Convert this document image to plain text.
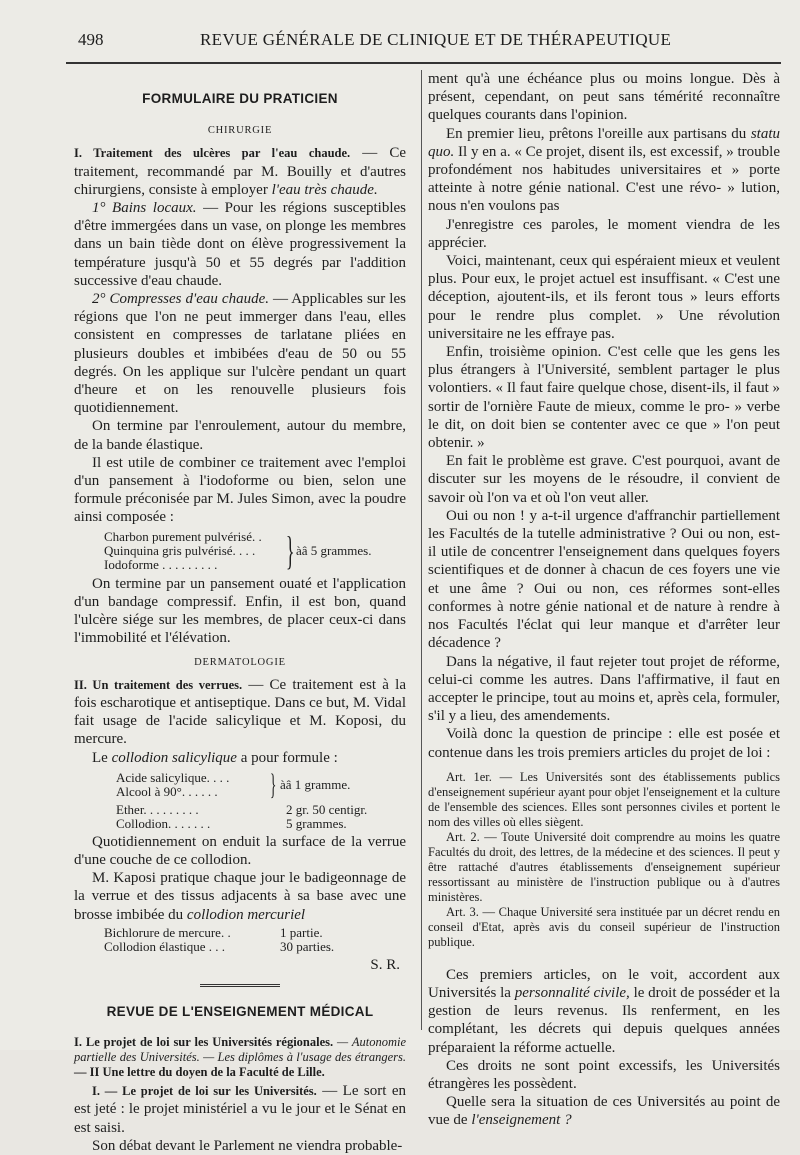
498	REVUE GÉNÉRALE DE CLINIQUE ET DE THÉRAPEUTIQUE
FORMULAIRE DU PRATICIEN
CHIRURGIE

I. Traitement des ulcères par l'eau chaude. — Ce traitement, recommandé par M. Bouilly et d'autres chirurgiens, consiste à employer l'eau très chaude.

1° Bains locaux. — Pour les régions susceptibles d'être immergées dans un vase, on plonge les membres dans un bain tiède dont on élève progressivement la température jusqu'à 50 et 55 degrés par l'addition successive d'eau chaude.

2° Compresses d'eau chaude. — Applicables sur les régions que l'on ne peut immerger dans l'eau, elles consistent en compresses de tarlatane pliées en plusieurs doubles et imbibées d'eau de 50 ou 55 degrés. On les applique sur l'ulcère pendant un quart d'heure et on les renouvelle plusieurs fois quotidiennement.

On termine par l'enroulement, autour du membre, de la bande élastique.

Il est utile de combiner ce traitement avec l'emploi d'un pansement à l'iodoforme ou bien, selon une formule préconisée par M. Jules Simon, avec la poudre ainsi composée :

Charbon purement pulvérisé. .
Quinquina gris pulvérisé. . . .
Iodoforme . . . . . . . . .	} àâ 5 grammes.

On termine par un pansement ouaté et l'application d'un bandage compressif. Enfin, il est bon, quand l'ulcère siége sur les membres, de placer ceux-ci dans l'immobilité et l'élévation.

DERMATOLOGIE

II. Un traitement des verrues. — Ce traitement est à la fois escharotique et antiseptique. Dans ce but, M. Vidal fait usage de l'acide salicylique et M. Koposi, du mercure.

Le collodion salicylique a pour formule :

Acide salicylique. . . .
Alcool à 90°. . . . . .	} àâ 1 gramme.
Ether. . . . . . . . .	2 gr. 50 centigr.
Collodion. . . . . . .	5 grammes.

Quotidiennement on enduit la surface de la verrue d'une couche de ce collodion.

M. Kaposi pratique chaque jour le badigeonnage de la verrue et des tissus adjacents à sa base avec une brosse imbibée du collodion mercuriel

Bichlorure de mercure. .	1 partie.
Collodion élastique . . .	30 parties.
S. R.
REVUE DE L'ENSEIGNEMENT MÉDICAL

I. Le projet de loi sur les Universités régionales. — Autonomie partielle des Universités. — Les diplômes à l'usage des étrangers. — II Une lettre du doyen de la Faculté de Lille.

I. — Le projet de loi sur les Universités. — Le sort en est jeté : le projet ministériel a vu le jour et le Sénat en est saisi.

Son débat devant le Parlement ne viendra probable-

ment qu'à une échéance plus ou moins longue. Dès à présent, cependant, on peut sans témérité reconnaître quelques courants dans l'opinion.

En premier lieu, prêtons l'oreille aux partisans du statu quo. Il y en a. « Ce projet, disent ils, est excessif, » trouble profondément nos habitudes universitaires et » porte atteinte à notre génie national. C'est une révo- » lution, nous n'en voulons pas

J'enregistre ces paroles, le moment viendra de les apprécier.

Voici, maintenant, ceux qui espéraient mieux et veulent plus. Pour eux, le projet actuel est insuffisant. « C'est une déception, ajoutent-ils, et ils feront tous » leurs efforts pour le rendre plus complet. » Une révolution universitaire ne les effraye pas.

Enfin, troisième opinion. C'est celle que les gens les plus étrangers à l'Université, semblent partager le plus volontiers. « Il faut faire quelque chose, disent-ils, il faut » sortir de l'ornière Faute de mieux, comme le pro- » verbe le dit, on doit bien se contenter avec ce que » l'on peut obtenir. »

En fait le problème est grave. C'est pourquoi, avant de discuter sur les moyens de le résoudre, il convient de savoir où l'on va et où l'on veut aller.

Oui ou non ! y a-t-il urgence d'affranchir partiellement les Facultés de la tutelle administrative ? Oui ou non, est-il utile de concentrer l'enseignement dans quelques foyers scientifiques et de donner à chacun de ces foyers une vie et une âme ? Oui ou non, ces réformes sont-elles conformes à notre génie national et de nature à rendre à nos Facultés l'éclat qui leur manque et d'arrêter leur décadence ?

Dans la négative, il faut rejeter tout projet de réforme, celui-ci comme les autres. Dans l'affirmative, il faut en accepter le principe, tout au moins et, après cela, formuler, s'il y a lieu, des amendements.

Voilà donc la question de principe : elle est posée et contenue dans les trois premiers articles du projet de loi :

Art. 1er. — Les Universités sont des établissements publics d'enseignement supérieur ayant pour objet l'enseignement et la culture de l'ensemble des sciences. Elles sont personnes civiles et portent le nom des villes où elles siègent.

Art. 2. — Toute Université doit comprendre au moins les quatre Facultés du droit, des lettres, de la médecine et des sciences. Il peut y être rattaché d'autres établissements d'enseignement supérieur ressortissant au ministère de l'instruction publique ou à d'autres ministères.

Art. 3. — Chaque Université sera instituée par un décret rendu en conseil d'Etat, après avis du conseil supérieur de l'instruction publique.

Ces premiers articles, on le voit, accordent aux Universités la personnalité civile, le droit de posséder et la gestion de leurs revenus. Ils renferment, en les complétant, les décrets qui depuis quelques années préparaient la réforme actuelle.

Ces droits ne sont point excessifs, les Universités étrangères les possèdent.

Quelle sera la situation de ces Universités au point de vue de l'enseignement ?
